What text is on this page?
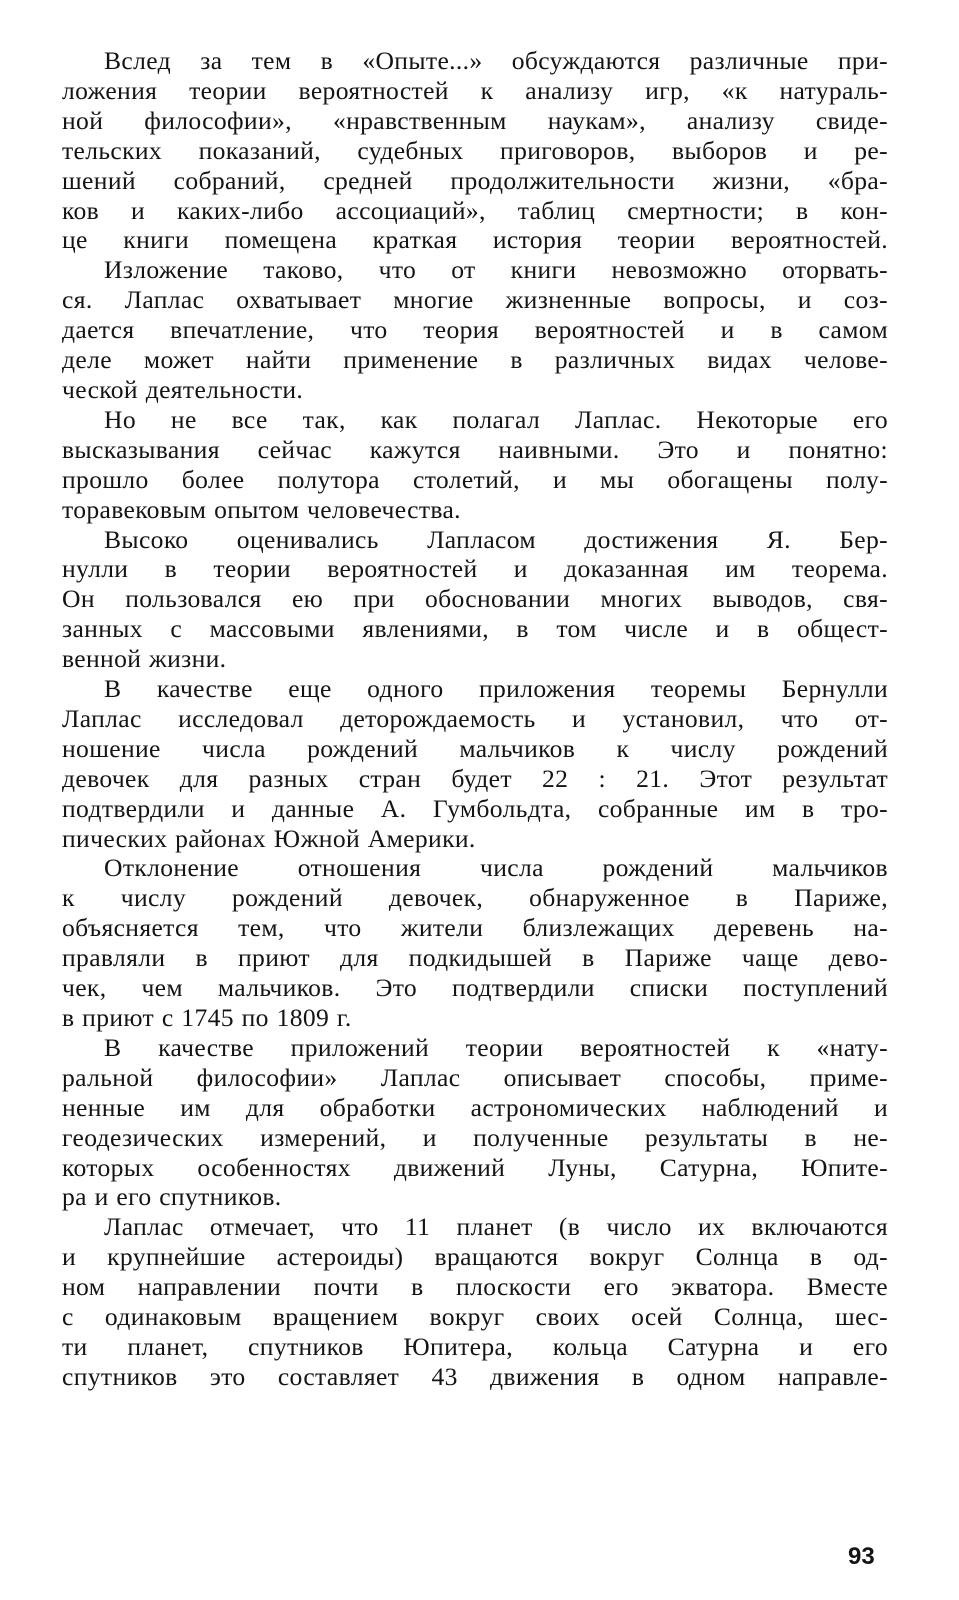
Вслед за тем в «Опыте...» обсуждаются различные при-
ложения теории вероятностей к анализу игр, «к натураль-
ной философии», «нравственным наукам», анализу свиде-
тельских показаний, судебных приговоров, выборов и ре-
шений собраний, средней продолжительности жизни, «бра-
ков и каких-либо ассоциаций», таблиц смертности; в кон-
це книги помещена краткая история теории вероятностей.

Изложение таково, что от книги невозможно оторвать-
ся. Лаплас охватывает многие жизненные вопросы, и соз-
дается впечатление, что теория вероятностей и в самом
деле может найти применение в различных видах челове-
ческой деятельности.

Но не все так, как полагал Лаплас. Некоторые его
высказывания сейчас кажутся наивными. Это и понятно:
прошло более полутора столетий, и мы обогащены полу-
торавековым опытом человечества.

Высоко оценивались Лапласом достижения Я. Бер-
нулли в теории вероятностей и доказанная им теорема.
Он пользовался ею при обосновании многих выводов, свя-
занных с массовыми явлениями, в том числе и в общест-
венной жизни.

В качестве еще одного приложения теоремы Бернулли
Лаплас исследовал деторождаемость и установил, что от-
ношение числа рождений мальчиков к числу рождений
девочек для разных стран будет 22 : 21. Этот результат
подтвердили и данные А. Гумбольдта, собранные им в тро-
пических районах Южной Америки.

Отклонение отношения числа рождений мальчиков
к числу рождений девочек, обнаруженное в Париже,
объясняется тем, что жители близлежащих деревень на-
правляли в приют для подкидышей в Париже чаще дево-
чек, чем мальчиков. Это подтвердили списки поступлений
в приют с 1745 по 1809 г.

В качестве приложений теории вероятностей к «нату-
ральной философии» Лаплас описывает способы, приме-
ненные им для обработки астрономических наблюдений и
геодезических измерений, и полученные результаты в не-
которых особенностях движений Луны, Сатурна, Юпите-
ра и его спутников.

Лаплас отмечает, что 11 планет (в число их включаются
и крупнейшие астероиды) вращаются вокруг Солнца в од-
ном направлении почти в плоскости его экватора. Вместе
с одинаковым вращением вокруг своих осей Солнца, шес-
ти планет, спутников Юпитера, кольца Сатурна и его
спутников это составляет 43 движения в одном направле-

93
